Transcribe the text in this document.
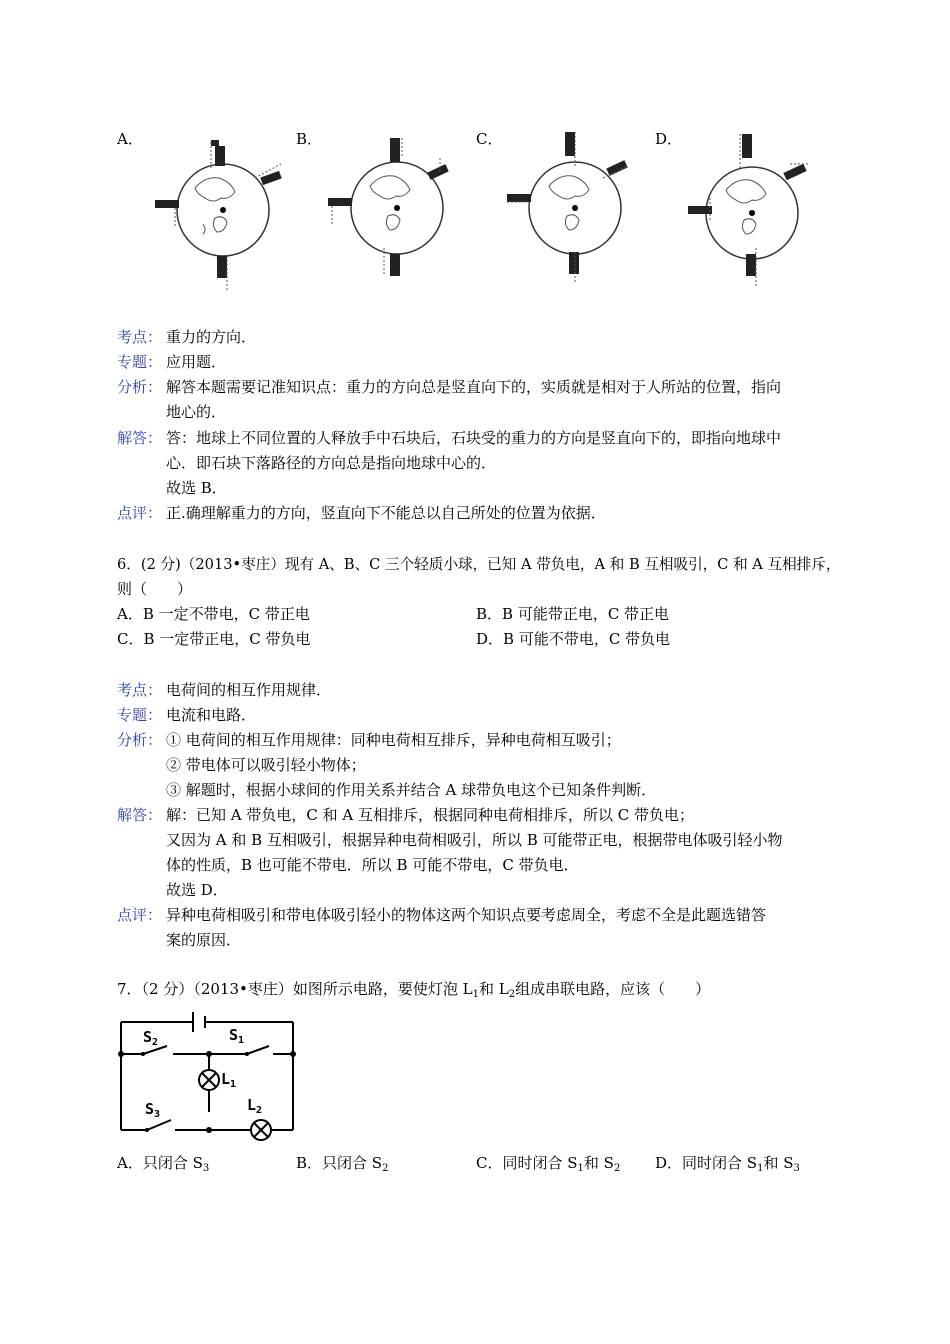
A．	B．	C．	D．
考点： 重力的方向．
专题： 应用题．
分析： 解答本题需要记准知识点：重力的方向总是竖直向下的，实质就是相对于人所站的位置，指向
地心的．
解答： 答：地球上不同位置的人释放手中石块后，石块受的重力的方向是竖直向下的，即指向地球中
心．即石块下落路径的方向总是指向地球中心的．
故选 B．
点评： 正.确理解重力的方向，竖直向下不能总以自己所处的位置为依据．
6．(2 分)（2013•枣庄）现有 A、B、C 三个轻质小球，已知 A 带负电，A 和 B 互相吸引，C 和 A 互相排斥，
则（　　）
A．B 一定不带电，C 带正电	B．B 可能带正电，C 带正电
C．B 一定带正电，C 带负电	D．B 可能不带电，C 带负电
考点： 电荷间的相互作用规律．
专题： 电流和电路．
分析： ① 电荷间的相互作用规律：同种电荷相互排斥，异种电荷相互吸引；
② 带电体可以吸引轻小物体；
③ 解题时，根据小球间的作用关系并结合 A 球带负电这个已知条件判断．
解答： 解：已知 A 带负电，C 和 A 互相排斥，根据同种电荷相排斥，所以 C 带负电；
又因为 A 和 B 互相吸引，根据异种电荷相吸引，所以 B 可能带正电，根据带电体吸引轻小物
体的性质，B 也可能不带电．所以 B 可能不带电，C 带负电．
故选 D．
点评： 异种电荷相吸引和带电体吸引轻小的物体这两个知识点要考虑周全，考虑不全是此题选错答
案的原因．
7．（2 分）（2013•枣庄）如图所示电路，要使灯泡 $L_1$和 $L_2$组成串联电路，应该（　　）
$S_2$	$S_1$
$L_1$
$S_3$
$L_2$
A．只闭合 $S_3$	B．只闭合 $S_2$	C．同时闭合 $S_1$和 $S_2$ D．同时闭合 $S_1$和 $S_3$
